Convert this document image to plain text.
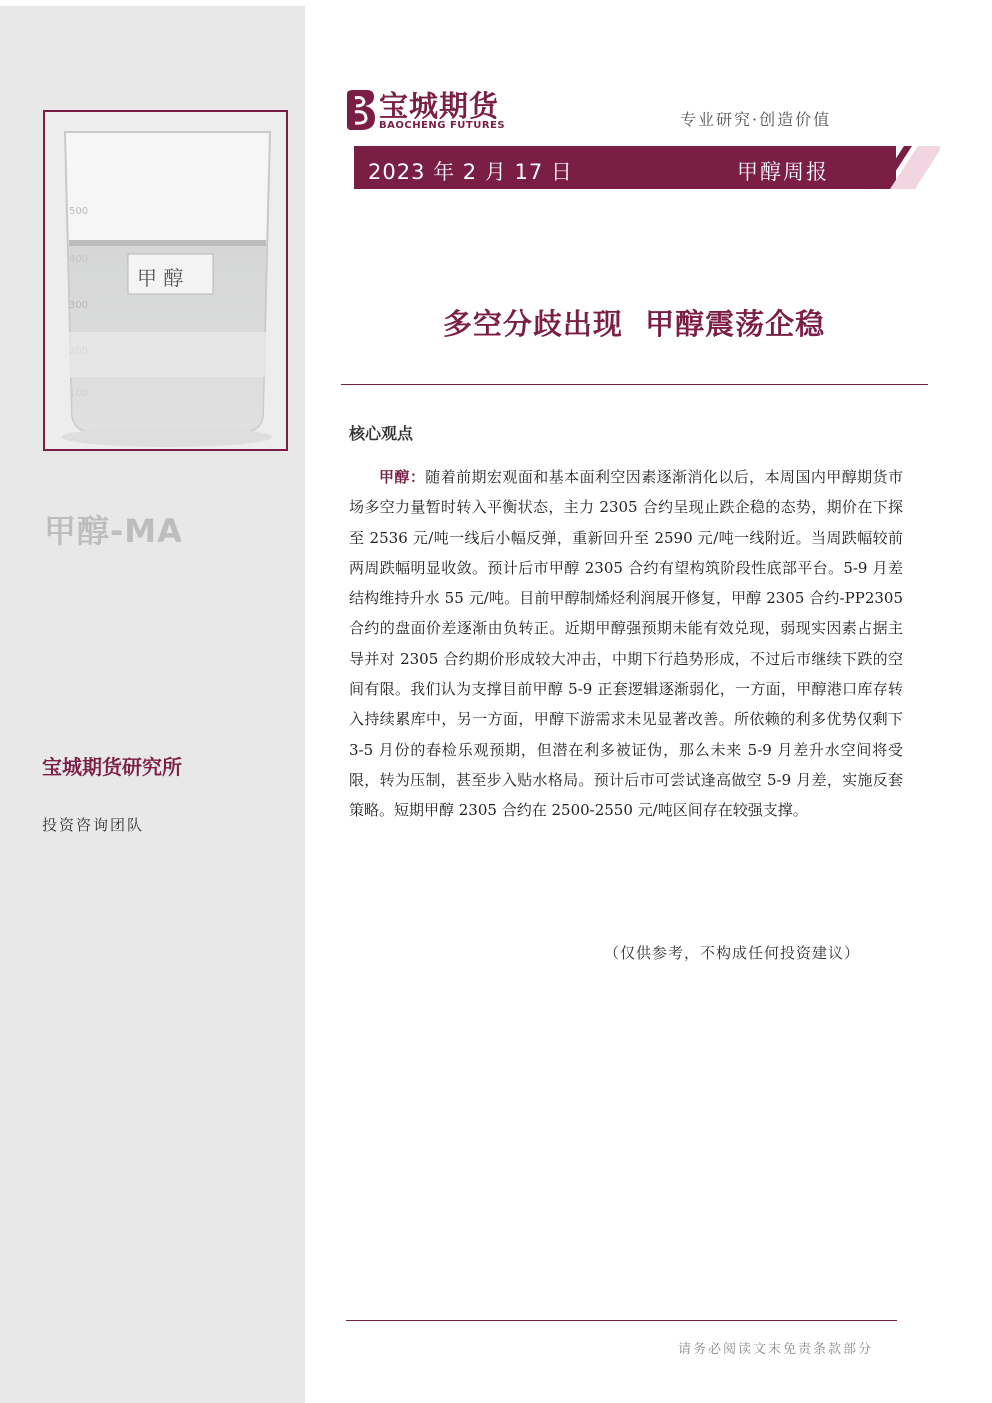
甲 醇
500
400
300
200
100
甲醇-MA
宝城期货研究所
投资咨询团队
宝城期货
BAOCHENG FUTURES	专业研究·创造价值
2023 年 2 月 17 日	甲醇周报
多空分歧出现  甲醇震荡企稳
核心观点
甲醇：随着前期宏观面和基本面利空因素逐渐消化以后，本周国内甲醇期货市场多空力量暂时转入平衡状态，主力 2305 合约呈现止跌企稳的态势，期价在下探至 2536 元/吨一线后小幅反弹，重新回升至 2590 元/吨一线附近。当周跌幅较前两周跌幅明显收敛。预计后市甲醇 2305 合约有望构筑阶段性底部平台。5-9 月差结构维持升水 55 元/吨。目前甲醇制烯烃利润展开修复，甲醇 2305 合约-PP2305 合约的盘面价差逐渐由负转正。近期甲醇强预期未能有效兑现，弱现实因素占据主导并对 2305 合约期价形成较大冲击，中期下行趋势形成，不过后市继续下跌的空间有限。我们认为支撑目前甲醇 5-9 正套逻辑逐渐弱化，一方面，甲醇港口库存转入持续累库中，另一方面，甲醇下游需求未见显著改善。所依赖的利多优势仅剩下 3-5 月份的春检乐观预期，但潜在利多被证伪，那么未来 5-9 月差升水空间将受限，转为压制，甚至步入贴水格局。预计后市可尝试逢高做空 5-9 月差，实施反套策略。短期甲醇 2305 合约在 2500-2550 元/吨区间存在较强支撑。
（仅供参考，不构成任何投资建议）
请务必阅读文末免责条款部分
